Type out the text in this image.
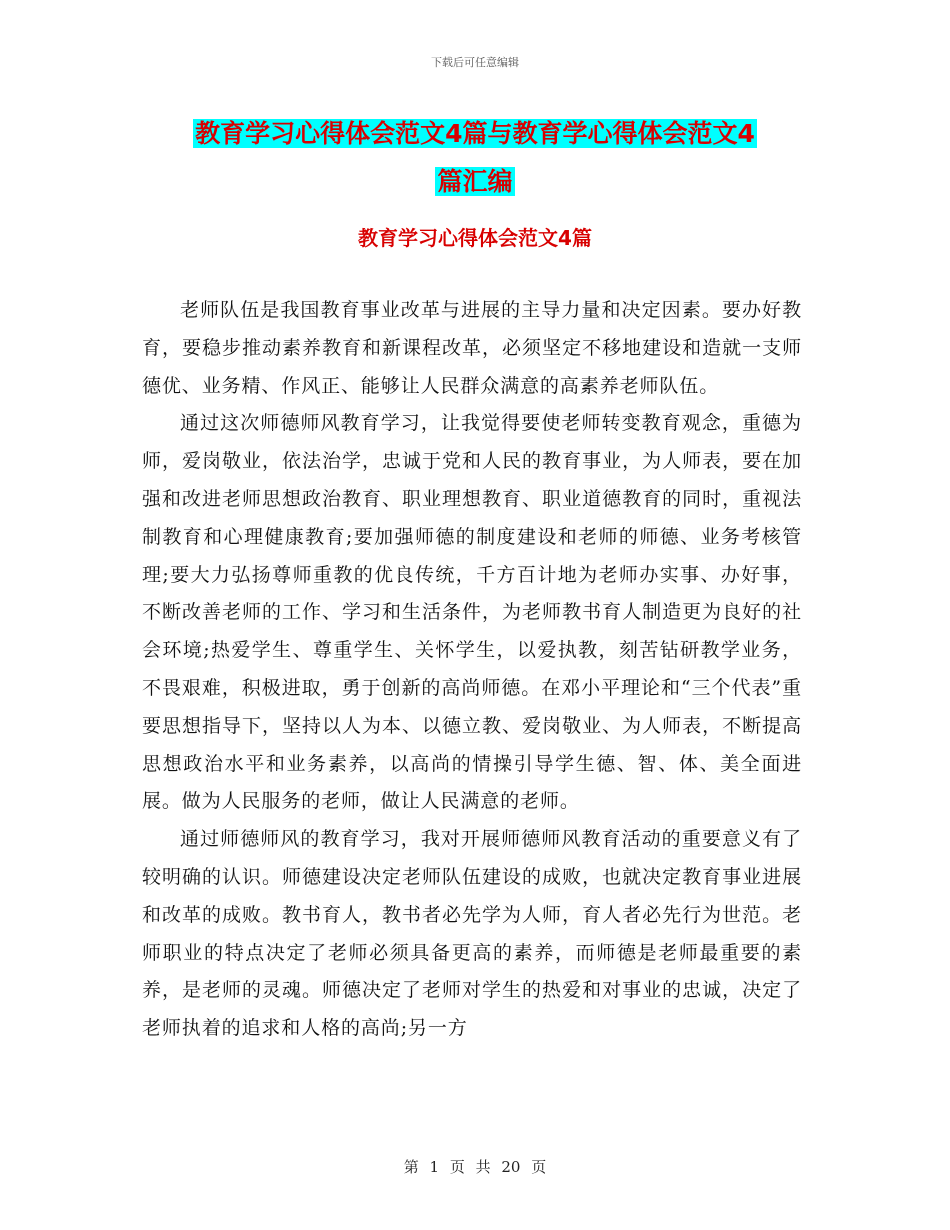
下载后可任意编辑
教育学习心得体会范文4篇与教育学心得体会范文4
篇汇编
教育学习心得体会范文4篇

老师队伍是我国教育事业改革与进展的主导力量和决定因素。要办好教育，要稳步推动素养教育和新课程改革，必须坚定不移地建设和造就一支师德优、业务精、作风正、能够让人民群众满意的高素养老师队伍。

通过这次师德师风教育学习，让我觉得要使老师转变教育观念，重德为师，爱岗敬业，依法治学，忠诚于党和人民的教育事业，为人师表，要在加强和改进老师思想政治教育、职业理想教育、职业道德教育的同时，重视法制教育和心理健康教育;要加强师德的制度建设和老师的师德、业务考核管理;要大力弘扬尊师重教的优良传统，千方百计地为老师办实事、办好事，不断改善老师的工作、学习和生活条件，为老师教书育人制造更为良好的社会环境;热爱学生、尊重学生、关怀学生，以爱执教，刻苦钻研教学业务，不畏艰难，积极进取，勇于创新的高尚师德。在邓小平理论和“三个代表”重要思想指导下，坚持以人为本、以德立教、爱岗敬业、为人师表，不断提高思想政治水平和业务素养，以高尚的情操引导学生德、智、体、美全面进展。做为人民服务的老师，做让人民满意的老师。

通过师德师风的教育学习，我对开展师德师风教育活动的重要意义有了较明确的认识。师德建设决定老师队伍建设的成败，也就决定教育事业进展和改革的成败。教书育人，教书者必先学为人师，育人者必先行为世范。老师职业的特点决定了老师必须具备更高的素养，而师德是老师最重要的素养，是老师的灵魂。师德决定了老师对学生的热爱和对事业的忠诚，决定了老师执着的追求和人格的高尚;另一方

第 1 页 共 20 页
